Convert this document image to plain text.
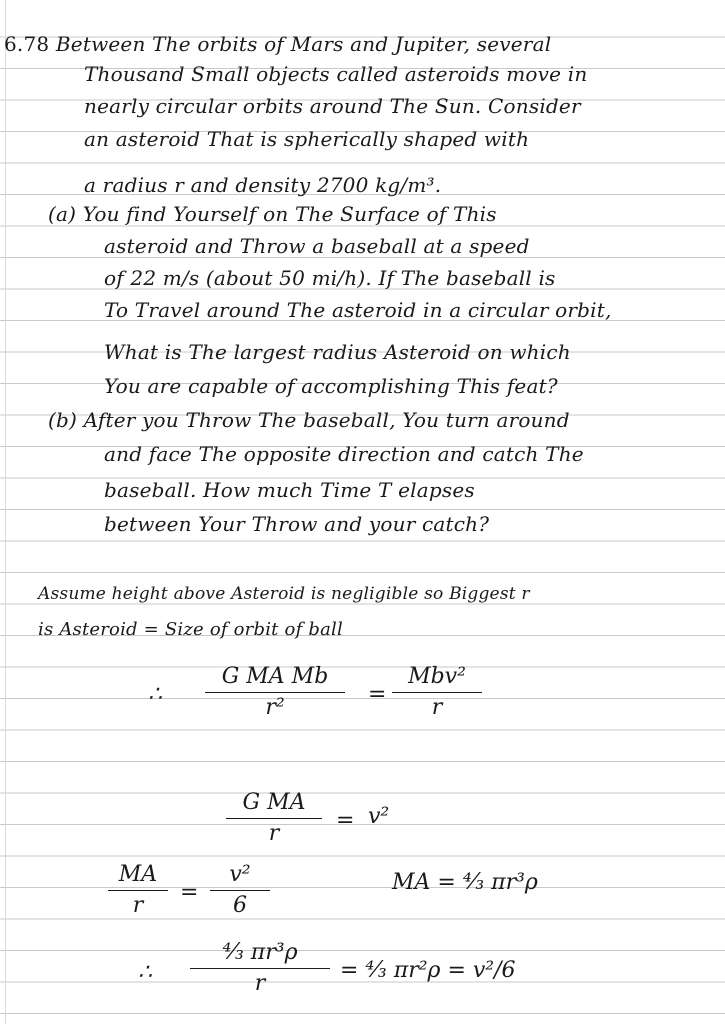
6.78 Between The orbits of Mars and Jupiter, several
Thousand Small objects called asteroids move in
nearly circular orbits around The Sun. Consider
an asteroid That is spherically shaped with
a radius r and density 2700 kg/m³.
(a) You find Yourself on The Surface of This
asteroid and Throw a baseball at a speed
of 22 m/s (about 50 mi/h). If The baseball is
To Travel around The asteroid in a circular orbit,
What is The largest radius Asteroid on which
You are capable of accomplishing This feat?
(b) After you Throw The baseball, You turn around
and face The opposite direction and catch The
baseball. How much Time T elapses
between Your Throw and your catch?
Assume height above Asteroid is negligible so Biggest r
is Asteroid = Size of orbit of ball
∴
G MA Mb
r²
=
Mbv²
r
G MA
r
= v²
MA
r
=
v²
6
MA = ⁴⁄₃ πr³ρ
∴
⁴⁄₃ πr³ρ
r
= ⁴⁄₃ πr²ρ = v²/6
